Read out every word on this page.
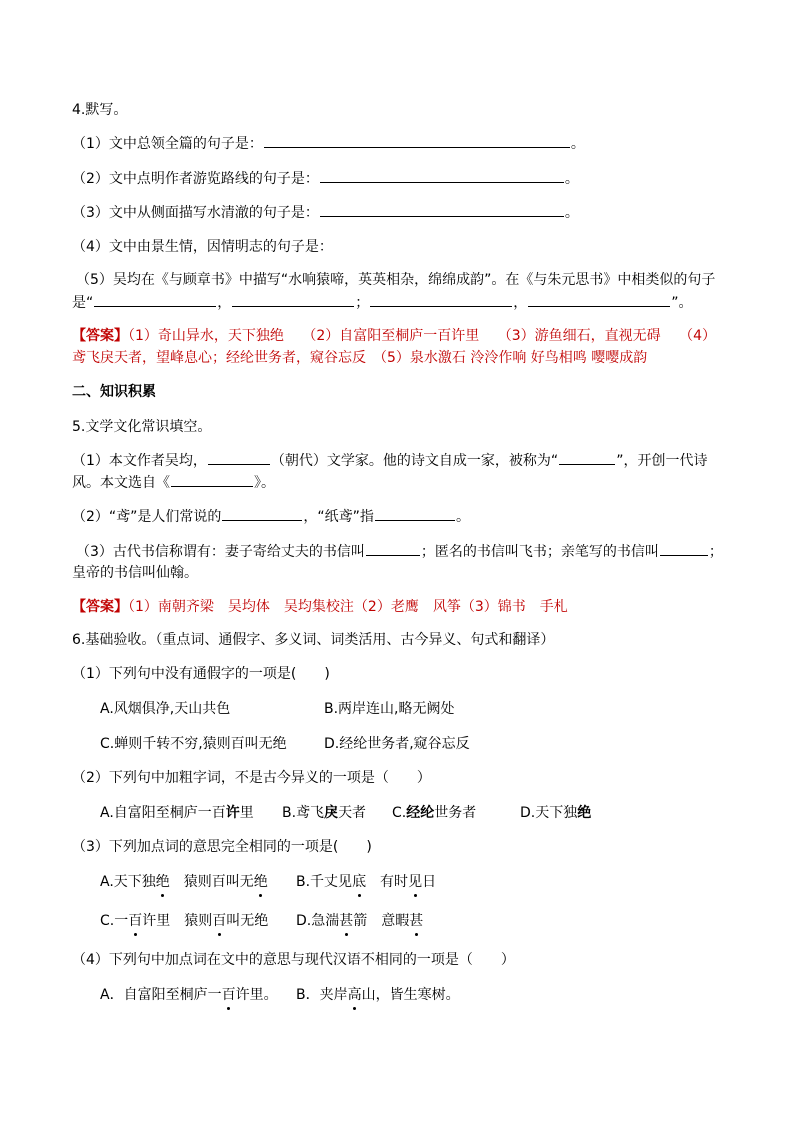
4.默写。
（1）文中总领全篇的句子是：	。
（2）文中点明作者游览路线的句子是：	。
（3）文中从侧面描写水清澈的句子是：	。
（4）文中由景生情，因情明志的句子是：
（5）吴均在《与顾章书》中描写“水响猿啼，英英相杂，绵绵成韵”。在《与朱元思书》中相类似的句子
是“	，	；	，	”。
【答案】（1）奇山异水，天下独绝　 （2）自富阳至桐庐一百许里　 （3）游鱼细石，直视无碍　 （4）
鸢飞戾天者，望峰息心；经纶世务者，窥谷忘反　（5）泉水激石 泠泠作响 好鸟相鸣 嘤嘤成韵
二、知识积累
5.文学文化常识填空。
（1）本文作者吴均，	（朝代）文学家。他的诗文自成一家，被称为“	”，开创一代诗
风。本文选自《	》。
（2）“鸢”是人们常说的	，“纸鸢”指	。
（3）古代书信称谓有：妻子寄给丈夫的书信叫	；匿名的书信叫飞书；亲笔写的书信叫	；
皇帝的书信叫仙翰。
【答案】（1）南朝齐梁　吴均体　吴均集校注（2）老鹰　风筝（3）锦书　手札
6.基础验收。（重点词、通假字、多义词、词类活用、古今异义、句式和翻译）
（1）下列句中没有通假字的一项是(　　)
A.风烟俱净,天山共色	B.两岸连山,略无阙处
C.蝉则千转不穷,猿则百叫无绝	D.经纶世务者,窥谷忘反
（2）下列句中加粗字词，不是古今异义的一项是（　　）
A.自富阳至桐庐一百许里 B.鸢飞戾天者 C.经纶世务者	D.天下独绝
（3）下列加点词的意思完全相同的一项是(　　)
A.天下独绝　猿则百叫无绝 B.千丈见底　有时见日
C.一百许里　猿则百叫无绝 D.急湍甚箭　意暇甚
（4）下列句中加点词在文中的意思与现代汉语不相同的一项是（　　）
A．自富阳至桐庐一百许里。 B．夹岸高山，皆生寒树。
